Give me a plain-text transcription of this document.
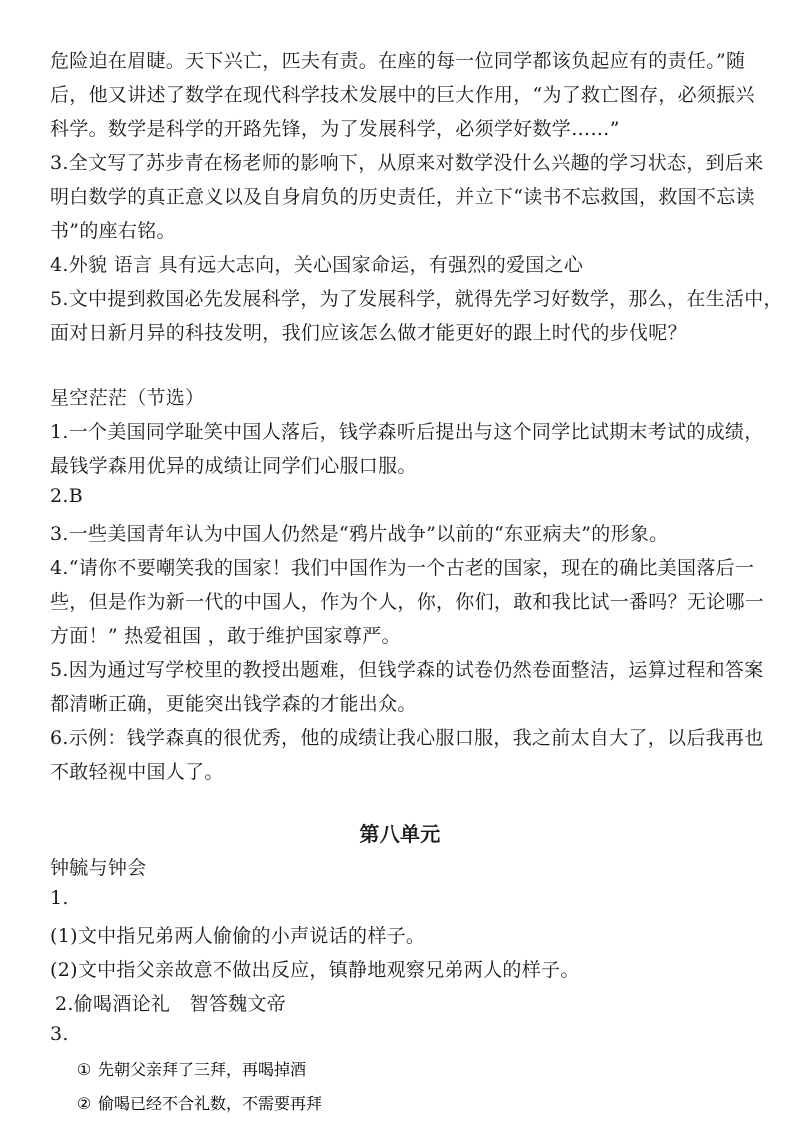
危险迫在眉睫。天下兴亡，匹夫有责。在座的每一位同学都该负起应有的责任。”随
后，他又讲述了数学在现代科学技术发展中的巨大作用，“为了救亡图存，必须振兴
科学。数学是科学的开路先锋，为了发展科学，必须学好数学……”
3.全文写了苏步青在杨老师的影响下，从原来对数学没什么兴趣的学习状态，到后来
明白数学的真正意义以及自身肩负的历史责任，并立下“读书不忘救国，救国不忘读
书”的座右铭。
4.外貌 语言 具有远大志向，关心国家命运，有强烈的爱国之心
5.文中提到救国必先发展科学，为了发展科学，就得先学习好数学，那么，在生活中，
面对日新月异的科技发明，我们应该怎么做才能更好的跟上时代的步伐呢？
星空茫茫（节选）
1.一个美国同学耻笑中国人落后，钱学森听后提出与这个同学比试期末考试的成绩，
最钱学森用优异的成绩让同学们心服口服。
2.B
3.一些美国青年认为中国人仍然是“鸦片战争”以前的“东亚病夫”的形象。
4.“请你不要嘲笑我的国家！我们中国作为一个古老的国家，现在的确比美国落后一
些，但是作为新一代的中国人，作为个人，你，你们，敢和我比试一番吗？无论哪一
方面！” 热爱祖国 ，敢于维护国家尊严。
5.因为通过写学校里的教授出题难，但钱学森的试卷仍然卷面整洁，运算过程和答案
都清晰正确，更能突出钱学森的才能出众。
6.示例：钱学森真的很优秀，他的成绩让我心服口服，我之前太自大了，以后我再也
不敢轻视中国人了。
第八单元
钟毓与钟会
1.
(1)文中指兄弟两人偷偷的小声说话的样子。
(2)文中指父亲故意不做出反应，镇静地观察兄弟两人的样子。
2.偷喝酒论礼　智答魏文帝
3.
① 先朝父亲拜了三拜，再喝掉酒
② 偷喝已经不合礼数，不需要再拜
